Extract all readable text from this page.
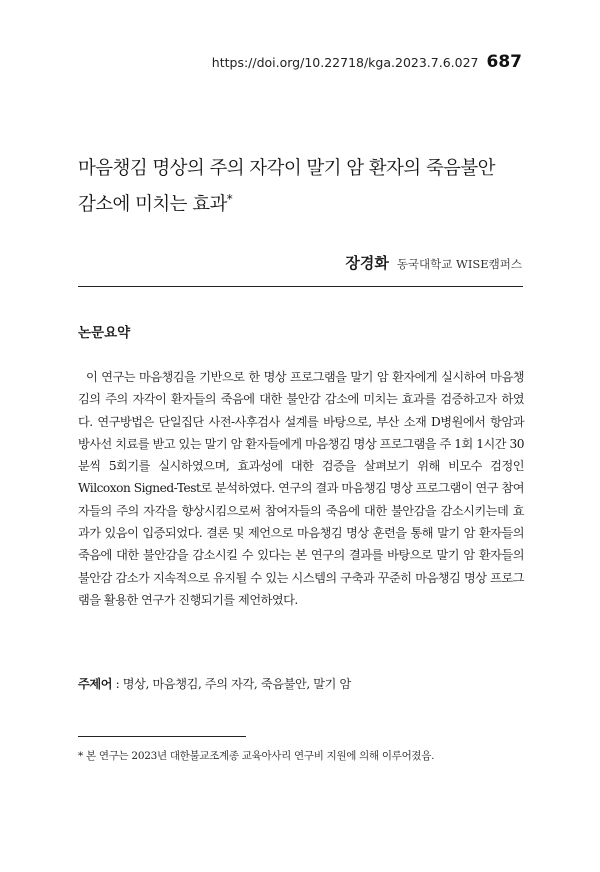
https://doi.org/10.22718/kga.2023.7.6.027 687
마음챙김 명상의 주의 자각이 말기 암 환자의 죽음불안
감소에 미치는 효과*
장경화 동국대학교 WISE캠퍼스
논문요약

이 연구는 마음챙김을 기반으로 한 명상 프로그램을 말기 암 환자에게 실시하여 마음챙김의 주의 자각이 환자들의 죽음에 대한 불안감 감소에 미치는 효과를 검증하고자 하였다. 연구방법은 단일집단 사전-사후검사 설계를 바탕으로, 부산 소재 D병원에서 항암과 방사선 치료를 받고 있는 말기 암 환자들에게 마음챙김 명상 프로그램을 주 1회 1시간 30분씩 5회기를 실시하였으며, 효과성에 대한 검증을 살펴보기 위해 비모수 검정인 Wilcoxon Signed-Test로 분석하였다. 연구의 결과 마음챙김 명상 프로그램이 연구 참여자들의 주의 자각을 향상시킴으로써 참여자들의 죽음에 대한 불안감을 감소시키는데 효과가 있음이 입증되었다. 결론 및 제언으로 마음챙김 명상 훈련을 통해 말기 암 환자들의 죽음에 대한 불안감을 감소시킬 수 있다는 본 연구의 결과를 바탕으로 말기 암 환자들의 불안감 감소가 지속적으로 유지될 수 있는 시스템의 구축과 꾸준히 마음챙김 명상 프로그램을 활용한 연구가 진행되기를 제언하였다.

주제어 : 명상, 마음챙김, 주의 자각, 죽음불안, 말기 암
* 본 연구는 2023년 대한불교조계종 교육아사리 연구비 지원에 의해 이루어졌음.
